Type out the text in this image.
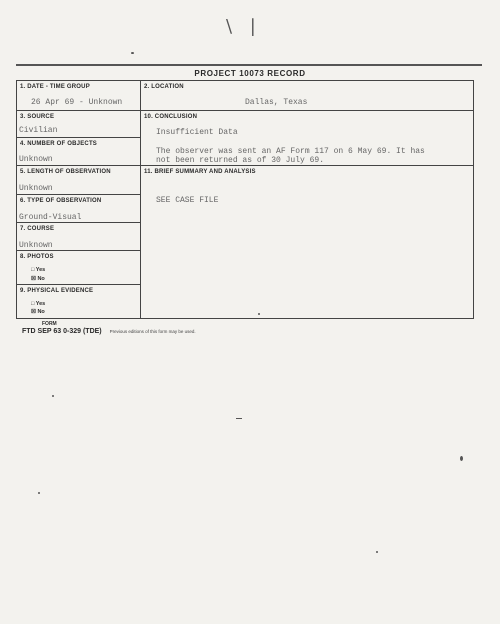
\ |
PROJECT 10073 RECORD
1. DATE - TIME GROUP
26 Apr 69 - Unknown
3. SOURCE
Civilian
4. NUMBER OF OBJECTS
Unknown
5. LENGTH OF OBSERVATION
Unknown
6. TYPE OF OBSERVATION
Ground-Visual
7. COURSE
Unknown
8. PHOTOS
□ Yes
☒ No
9. PHYSICAL EVIDENCE
□ Yes
☒ No
2. LOCATION
Dallas, Texas
10. CONCLUSION
Insufficient Data
The observer was sent an AF Form 117 on 6 May 69. It has
not been returned as of 30 July 69.
11. BRIEF SUMMARY AND ANALYSIS
SEE CASE FILE
FORM
FTD SEP 63 0-329 (TDE) Previous editions of this form may be used.
